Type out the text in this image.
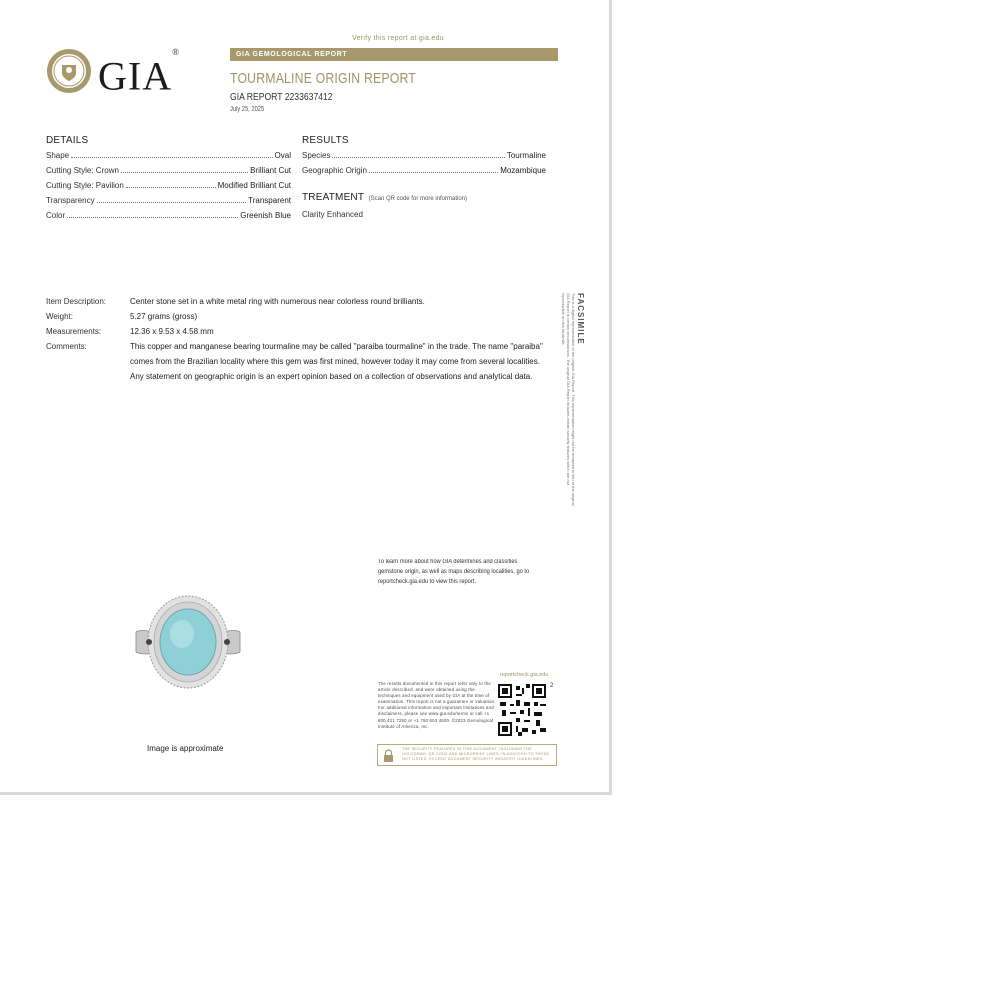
GIA®
Verify this report at gia.edu
GIA GEMOLOGICAL REPORT
TOURMALINE ORIGIN REPORT
GIA REPORT 2233637412
July 25, 2025
DETAILS
Shape	Oval
Cutting Style: Crown	Brilliant Cut
Cutting Style: Pavilion	Modified Brilliant Cut
Transparency	Transparent
Color	Greenish Blue
RESULTS
Species	Tourmaline
Geographic Origin	Mozambique
TREATMENT (Scan QR code for more information)
Clarity Enhanced
Item Description:	Center stone set in a white metal ring with numerous near colorless round brilliants.
Weight:	5.27 grams (gross)
Measurements:	12.36 x 9.53 x 4.58 mm
Comments:	This copper and manganese bearing tourmaline may be called "paraiba tourmaline" in the trade. The name "paraiba" comes from the Brazilian locality where this gem was first mined, however today it may come from several localities.
Any statement on geographic origin is an expert opinion based on a collection of observations and analytical data.
FACSIMILE
This is a digital representation of the original GIA Report. This representation might not be accepted in lieu of the original GIA Report in certain circumstances. The original GIA Report includes certain security features which are not reproducible on this facsimile.
Image is approximate
To learn more about how GIA determines and classifies gemstone origin, as well as maps describing localities, go to reportcheck.gia.edu to view this report.
The results documented in this report refer only to the article described, and were obtained using the techniques and equipment used by GIA at the time of examination. This report is not a guarantee or valuation. For additional information and important limitations and disclaimers, please see www.gia.edu/terms or call +1 800 421 7250 or +1 760 603 4500. ©2023 Gemological Institute of America, Inc.
reportcheck.gia.edu
2
THE SECURITY FEATURES IN THIS DOCUMENT, INCLUDING THE HOLOGRAM, QR CODE AND MICROPRINT LINES, IN ADDITION TO THOSE NOT LISTED, EXCEED DOCUMENT SECURITY INDUSTRY GUIDELINES.
